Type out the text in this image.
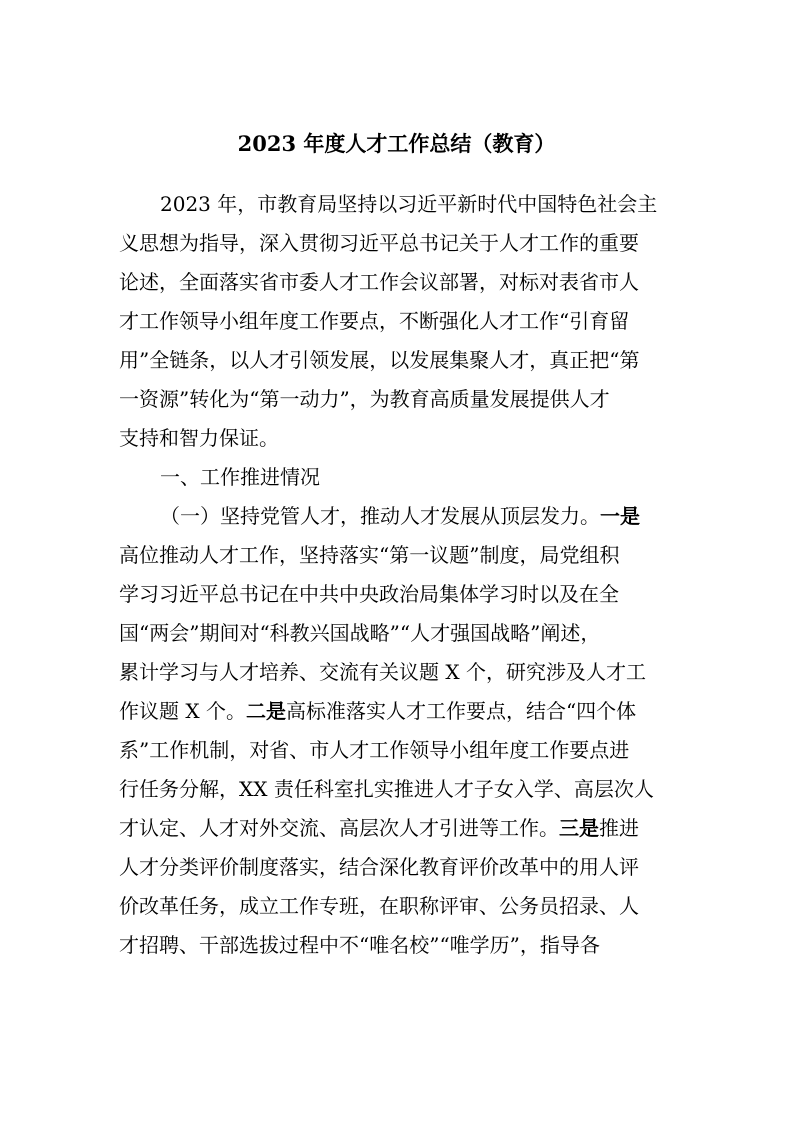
2023 年度人才工作总结（教育）

2023 年，市教育局坚持以习近平新时代中国特色社会主

义思想为指导，深入贯彻习近平总书记关于人才工作的重要

论述，全面落实省市委人才工作会议部署，对标对表省市人

才工作领导小组年度工作要点，不断强化人才工作“引育留

用”全链条，以人才引领发展，以发展集聚人才，真正把“第

一资源”转化为“第一动力”，为教育高质量发展提供人才

支持和智力保证。

一、工作推进情况

（一）坚持党管人才，推动人才发展从顶层发力。一是

高位推动人才工作，坚持落实“第一议题”制度，局党组积

学习习近平总书记在中共中央政治局集体学习时以及在全

国“两会”期间对“科教兴国战略”“人才强国战略”阐述，

累计学习与人才培养、交流有关议题 X 个，研究涉及人才工

作议题 X 个。二是高标准落实人才工作要点，结合“四个体

系”工作机制，对省、市人才工作领导小组年度工作要点进

行任务分解，XX 责任科室扎实推进人才子女入学、高层次人

才认定、人才对外交流、高层次人才引进等工作。三是推进

人才分类评价制度落实，结合深化教育评价改革中的用人评

价改革任务，成立工作专班，在职称评审、公务员招录、人

才招聘、干部选拔过程中不“唯名校”“唯学历”，指导各
